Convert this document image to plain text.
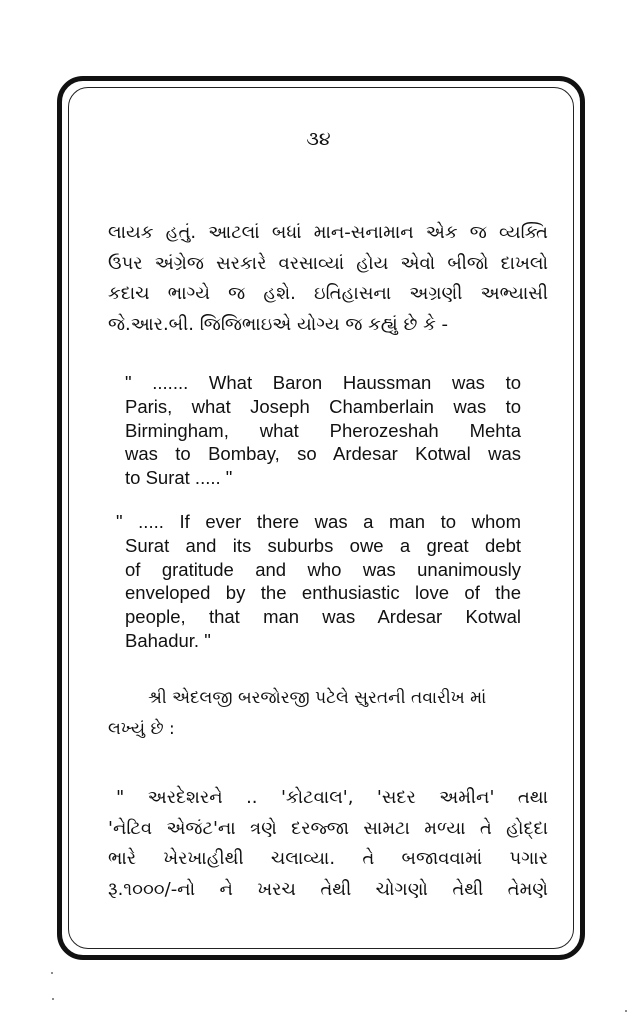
૩૪
લાયક હતું. આટલાં બધાં માન-સનામાન એક જ વ્યક્તિ
ઉપર અંગ્રેજ સરકારે વરસાવ્યાં હોય એવો બીજો દાખલો
કદાચ ભાગ્યે જ હશે. ઇતિહાસના અગ્રણી અભ્યાસી
જે.આર.બી. જિજિભાઇએ યોગ્ય જ કહ્યું છે કે -
" ....... What Baron Haussman was to
Paris, what Joseph Chamberlain was to
Birmingham, what Pherozeshah Mehta
was to Bombay, so Ardesar Kotwal was
to Surat ..... "
" ..... If ever there was a man to whom
Surat and its suburbs owe a great debt
of gratitude and who was unanimously
enveloped by the enthusiastic love of the
people, that man was Ardesar Kotwal
Bahadur. "
શ્રી એદલજી બરજોરજી પટેલે સુરતની તવારીખ માં
લખ્યું છે :
" અરદેશરને .. 'કોટવાલ', 'સદર અમીન' તથા
'નેટિવ એજંટ'ના ત્રણે દરજ્જા સામટા મળ્યા તે હોદ્દા
ભારે ખેરખાહીથી ચલાવ્યા. તે બજાવવામાં પગાર
રૂ.૧૦૦૦/-નો ને ખરચ તેથી ચોગણો તેથી તેમણે
